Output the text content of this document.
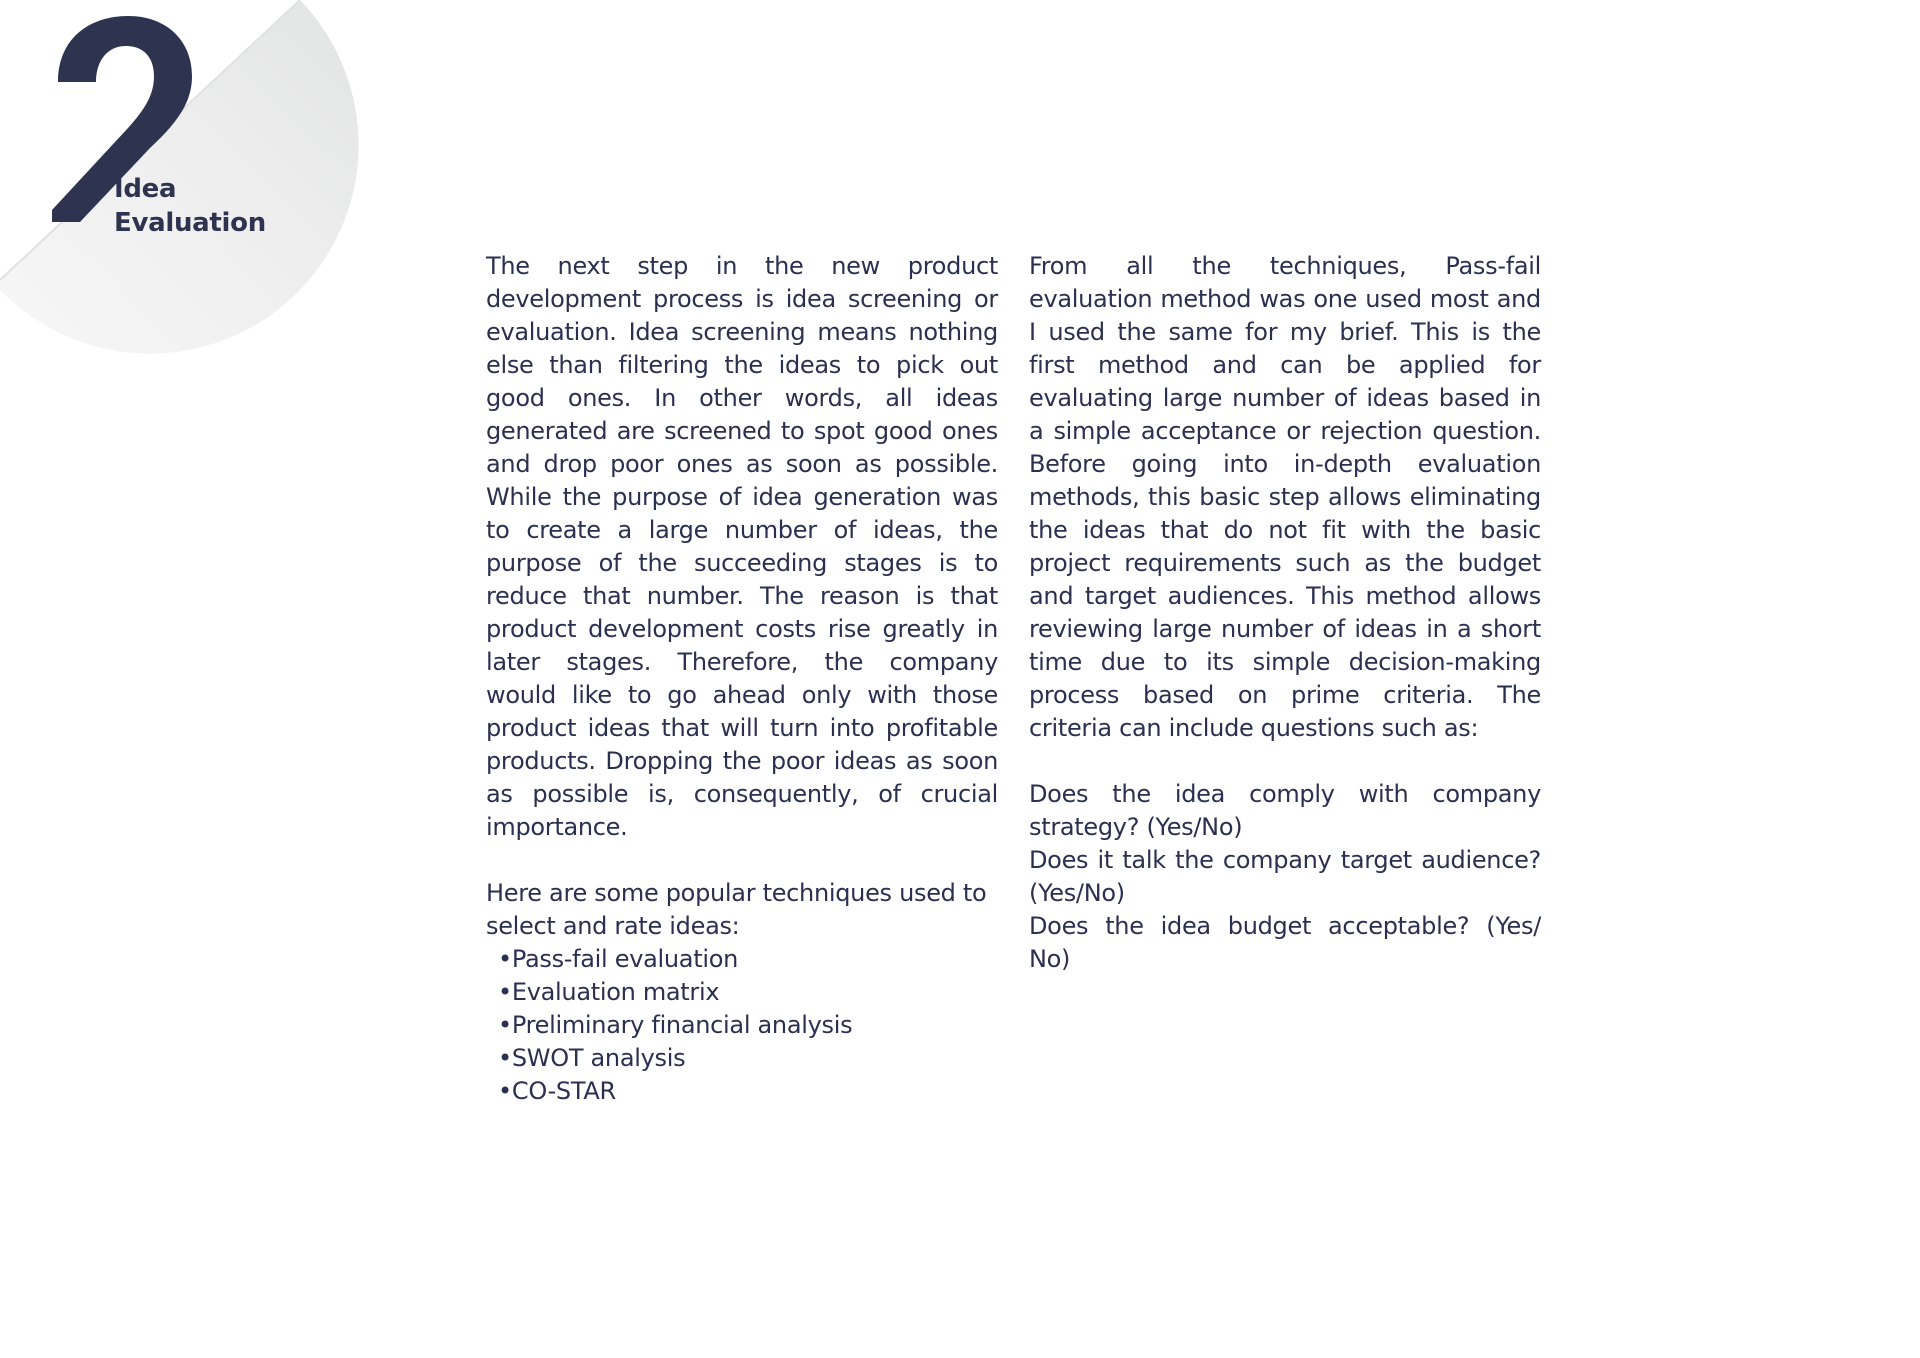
Idea
Evaluation

The next step in the new product development process is idea screening or evaluation. Idea screening means nothing else than filtering the ideas to pick out good ones. In other words, all ideas generated are screened to spot good ones and drop poor ones as soon as possible. While the purpose of idea generation was to create a large number of ideas, the purpose of the succeeding stages is to reduce that number. The reason is that product development costs rise greatly in later stages. Therefore, the company would like to go ahead only with those product ideas that will turn into profitable products. Dropping the poor ideas as soon as possible is, consequently, of crucial importance.

Here are some popular techniques used to select and rate ideas:

• Pass-fail evaluation
• Evaluation matrix
• Preliminary financial analysis
• SWOT analysis
• CO-STAR

From all the techniques, Pass-fail evaluation method was one used most and I used the same for my brief. This is the first method and can be applied for evaluating large number of ideas based in a simple acceptance or rejection question. Before going into in-depth evaluation methods, this basic step allows eliminating the ideas that do not fit with the basic project requirements such as the budget and target audiences. This method allows reviewing large number of ideas in a short time due to its simple decision-making process based on prime criteria. The criteria can include questions such as:

Does the idea comply with company strategy? (Yes/No)

Does it talk the company target audience? (Yes/No)

Does the idea budget acceptable? (Yes/ No)
